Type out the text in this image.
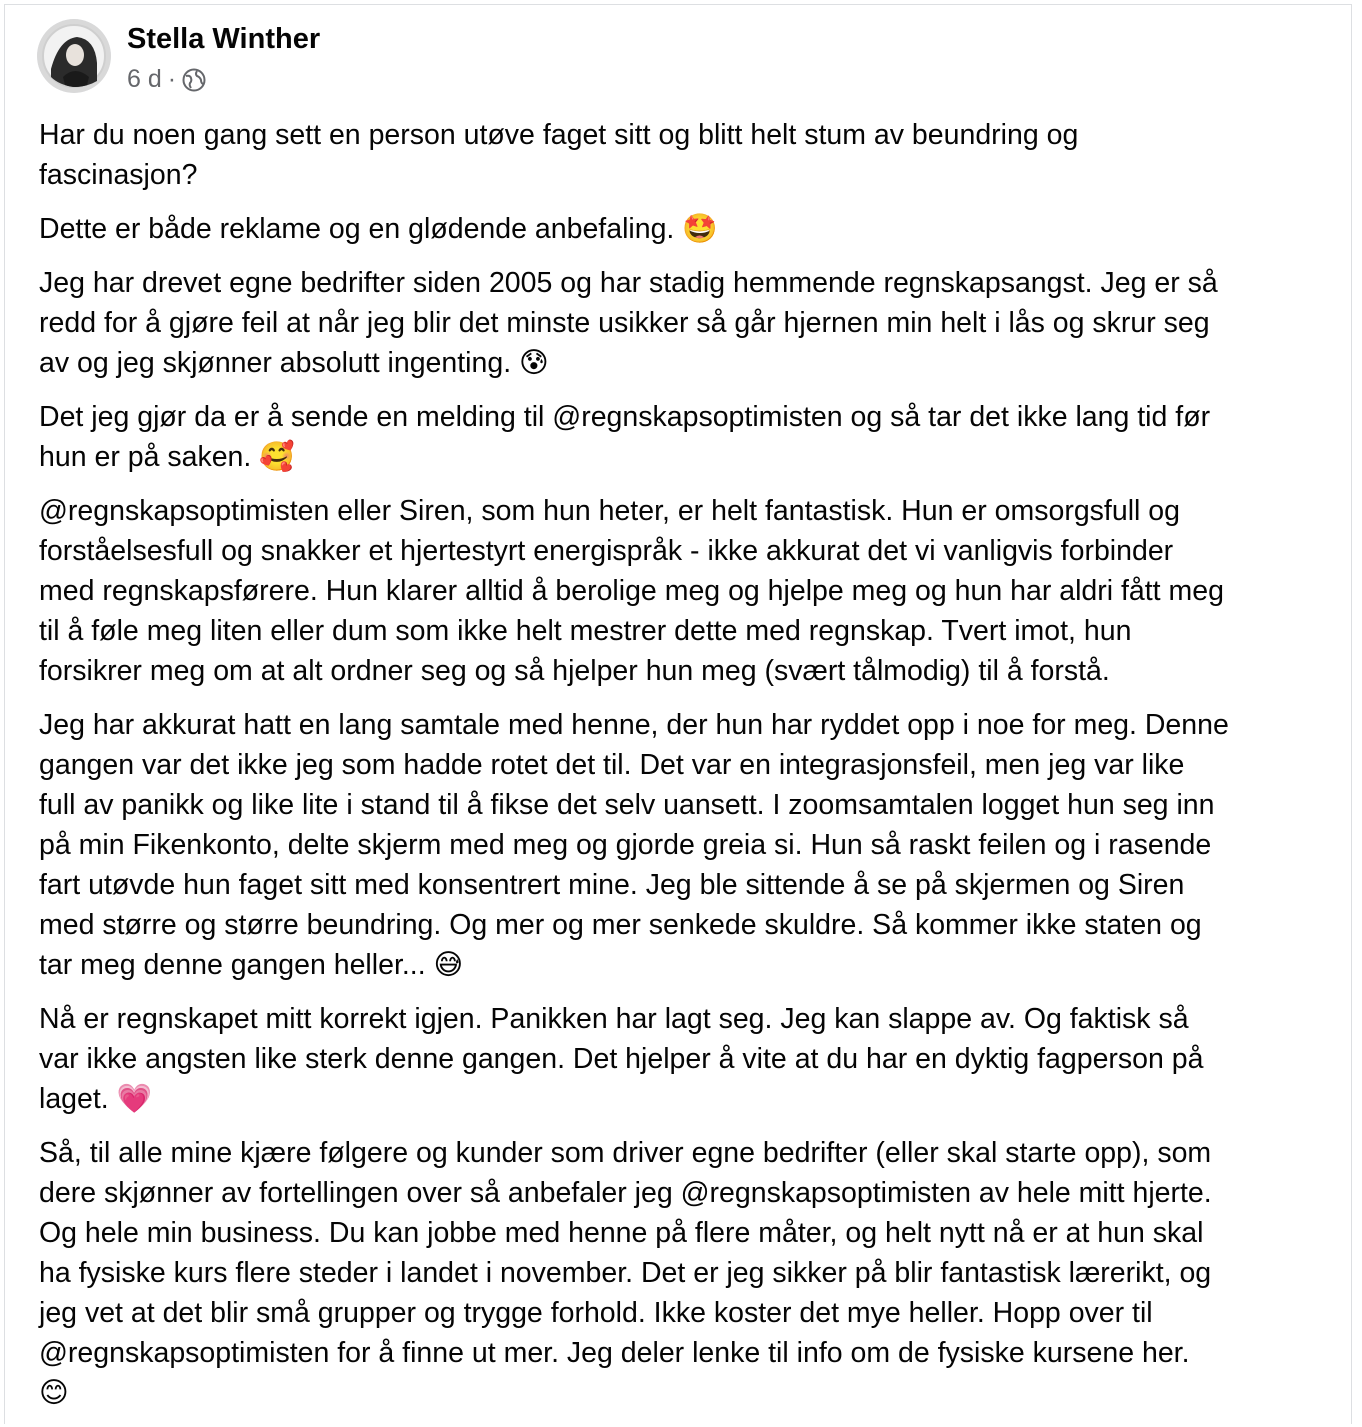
Stella Winther
6 d ·

Har du noen gang sett en person utøve faget sitt og blitt helt stum av beundring og
fascinasjon?

Dette er både reklame og en glødende anbefaling. 🤩

Jeg har drevet egne bedrifter siden 2005 og har stadig hemmende regnskapsangst. Jeg er så
redd for å gjøre feil at når jeg blir det minste usikker så går hjernen min helt i lås og skrur seg
av og jeg skjønner absolutt ingenting. 😰

Det jeg gjør da er å sende en melding til @regnskapsoptimisten og så tar det ikke lang tid før
hun er på saken. 🥰

@regnskapsoptimisten eller Siren, som hun heter, er helt fantastisk. Hun er omsorgsfull og
forståelsesfull og snakker et hjertestyrt energispråk - ikke akkurat det vi vanligvis forbinder
med regnskapsførere. Hun klarer alltid å berolige meg og hjelpe meg og hun har aldri fått meg
til å føle meg liten eller dum som ikke helt mestrer dette med regnskap. Tvert imot, hun
forsikrer meg om at alt ordner seg og så hjelper hun meg (svært tålmodig) til å forstå.

Jeg har akkurat hatt en lang samtale med henne, der hun har ryddet opp i noe for meg. Denne
gangen var det ikke jeg som hadde rotet det til. Det var en integrasjonsfeil, men jeg var like
full av panikk og like lite i stand til å fikse det selv uansett. I zoomsamtalen logget hun seg inn
på min Fikenkonto, delte skjerm med meg og gjorde greia si. Hun så raskt feilen og i rasende
fart utøvde hun faget sitt med konsentrert mine. Jeg ble sittende å se på skjermen og Siren
med større og større beundring. Og mer og mer senkede skuldre. Så kommer ikke staten og
tar meg denne gangen heller... 😅

Nå er regnskapet mitt korrekt igjen. Panikken har lagt seg. Jeg kan slappe av. Og faktisk så
var ikke angsten like sterk denne gangen. Det hjelper å vite at du har en dyktig fagperson på
laget. 💗

Så, til alle mine kjære følgere og kunder som driver egne bedrifter (eller skal starte opp), som
dere skjønner av fortellingen over så anbefaler jeg @regnskapsoptimisten av hele mitt hjerte.
Og hele min business. Du kan jobbe med henne på flere måter, og helt nytt nå er at hun skal
ha fysiske kurs flere steder i landet i november. Det er jeg sikker på blir fantastisk lærerikt, og
jeg vet at det blir små grupper og trygge forhold. Ikke koster det mye heller. Hopp over til
@regnskapsoptimisten for å finne ut mer. Jeg deler lenke til info om de fysiske kursene her.
😊
